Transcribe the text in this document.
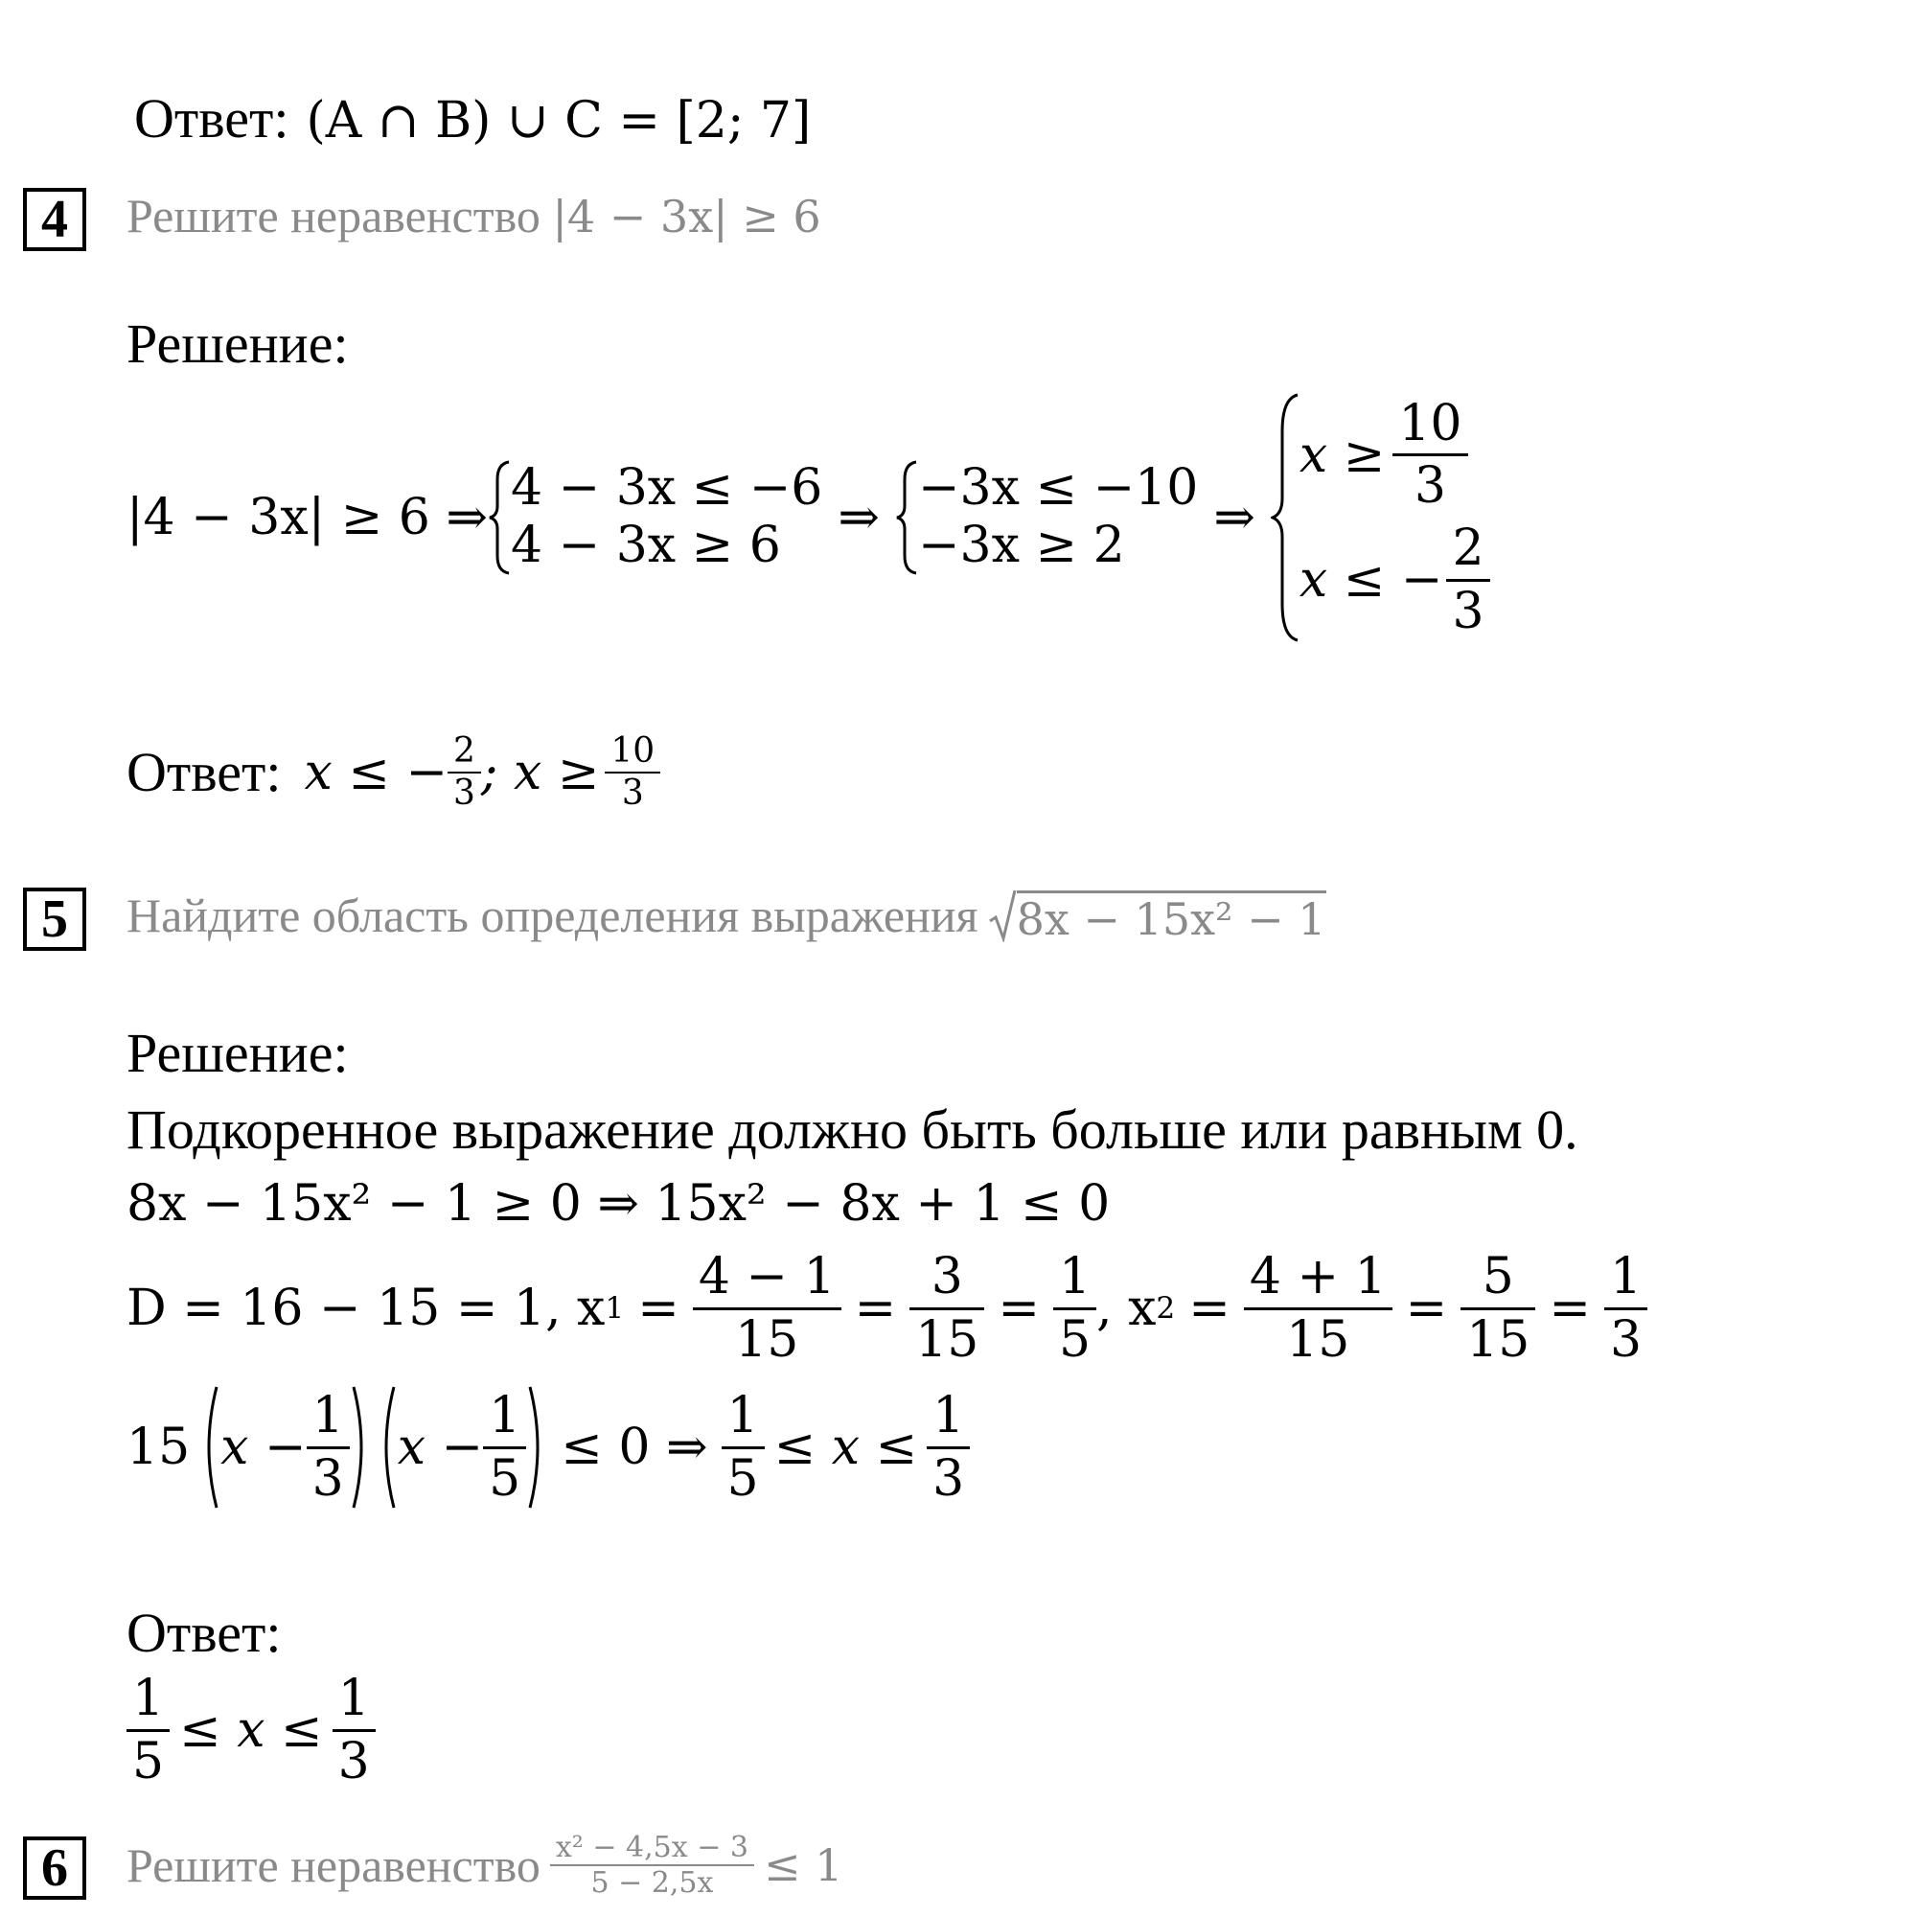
Ответ: (A ∩ B) ∪ C = [2; 7]
4	Решите неравенство |4 − 3x| ≥ 6
Решение:
|4 − 3x| ≥ 6 ⇒
4 − 3x ≤ −6
4 − 3x ≥ 6	⇒
−3x ≤ −10
−3x ≥ 2	⇒
$x \ge \frac{10}{3}$
x ≤ − $\frac{2}{3}$
Ответ: x ≤ − $\frac{2}{3}$ ; $x \ge \frac{10}{3}$
5	Найдите область определения выражения 8x − 15x² − 1
Решение:
Подкоренное выражение должно быть больше или равным 0.
8x − 15x² − 1 ≥ 0 ⇒ 15x² − 8x + 1 ≤ 0
D = 16 − 15 = 1, x $1 = \frac{4 - 1}{15} = \frac{3}{15} = \frac{1}{5}$ , x $2 = \frac{4 + 1}{15} = \frac{5}{15} = \frac{1}{3}$
15 $x - \frac{1}{3}$ $x - \frac{1}{5} \le 0$ ⇒ $\frac{1}{5} \le x \le \frac{1}{3}$
Ответ:
$\frac{1}{5} \le x \le \frac{1}{3}$
6	Решите неравенство $\frac{\text{x² − 4,5x − 3}}{5 - 2,5x} \le 1$
